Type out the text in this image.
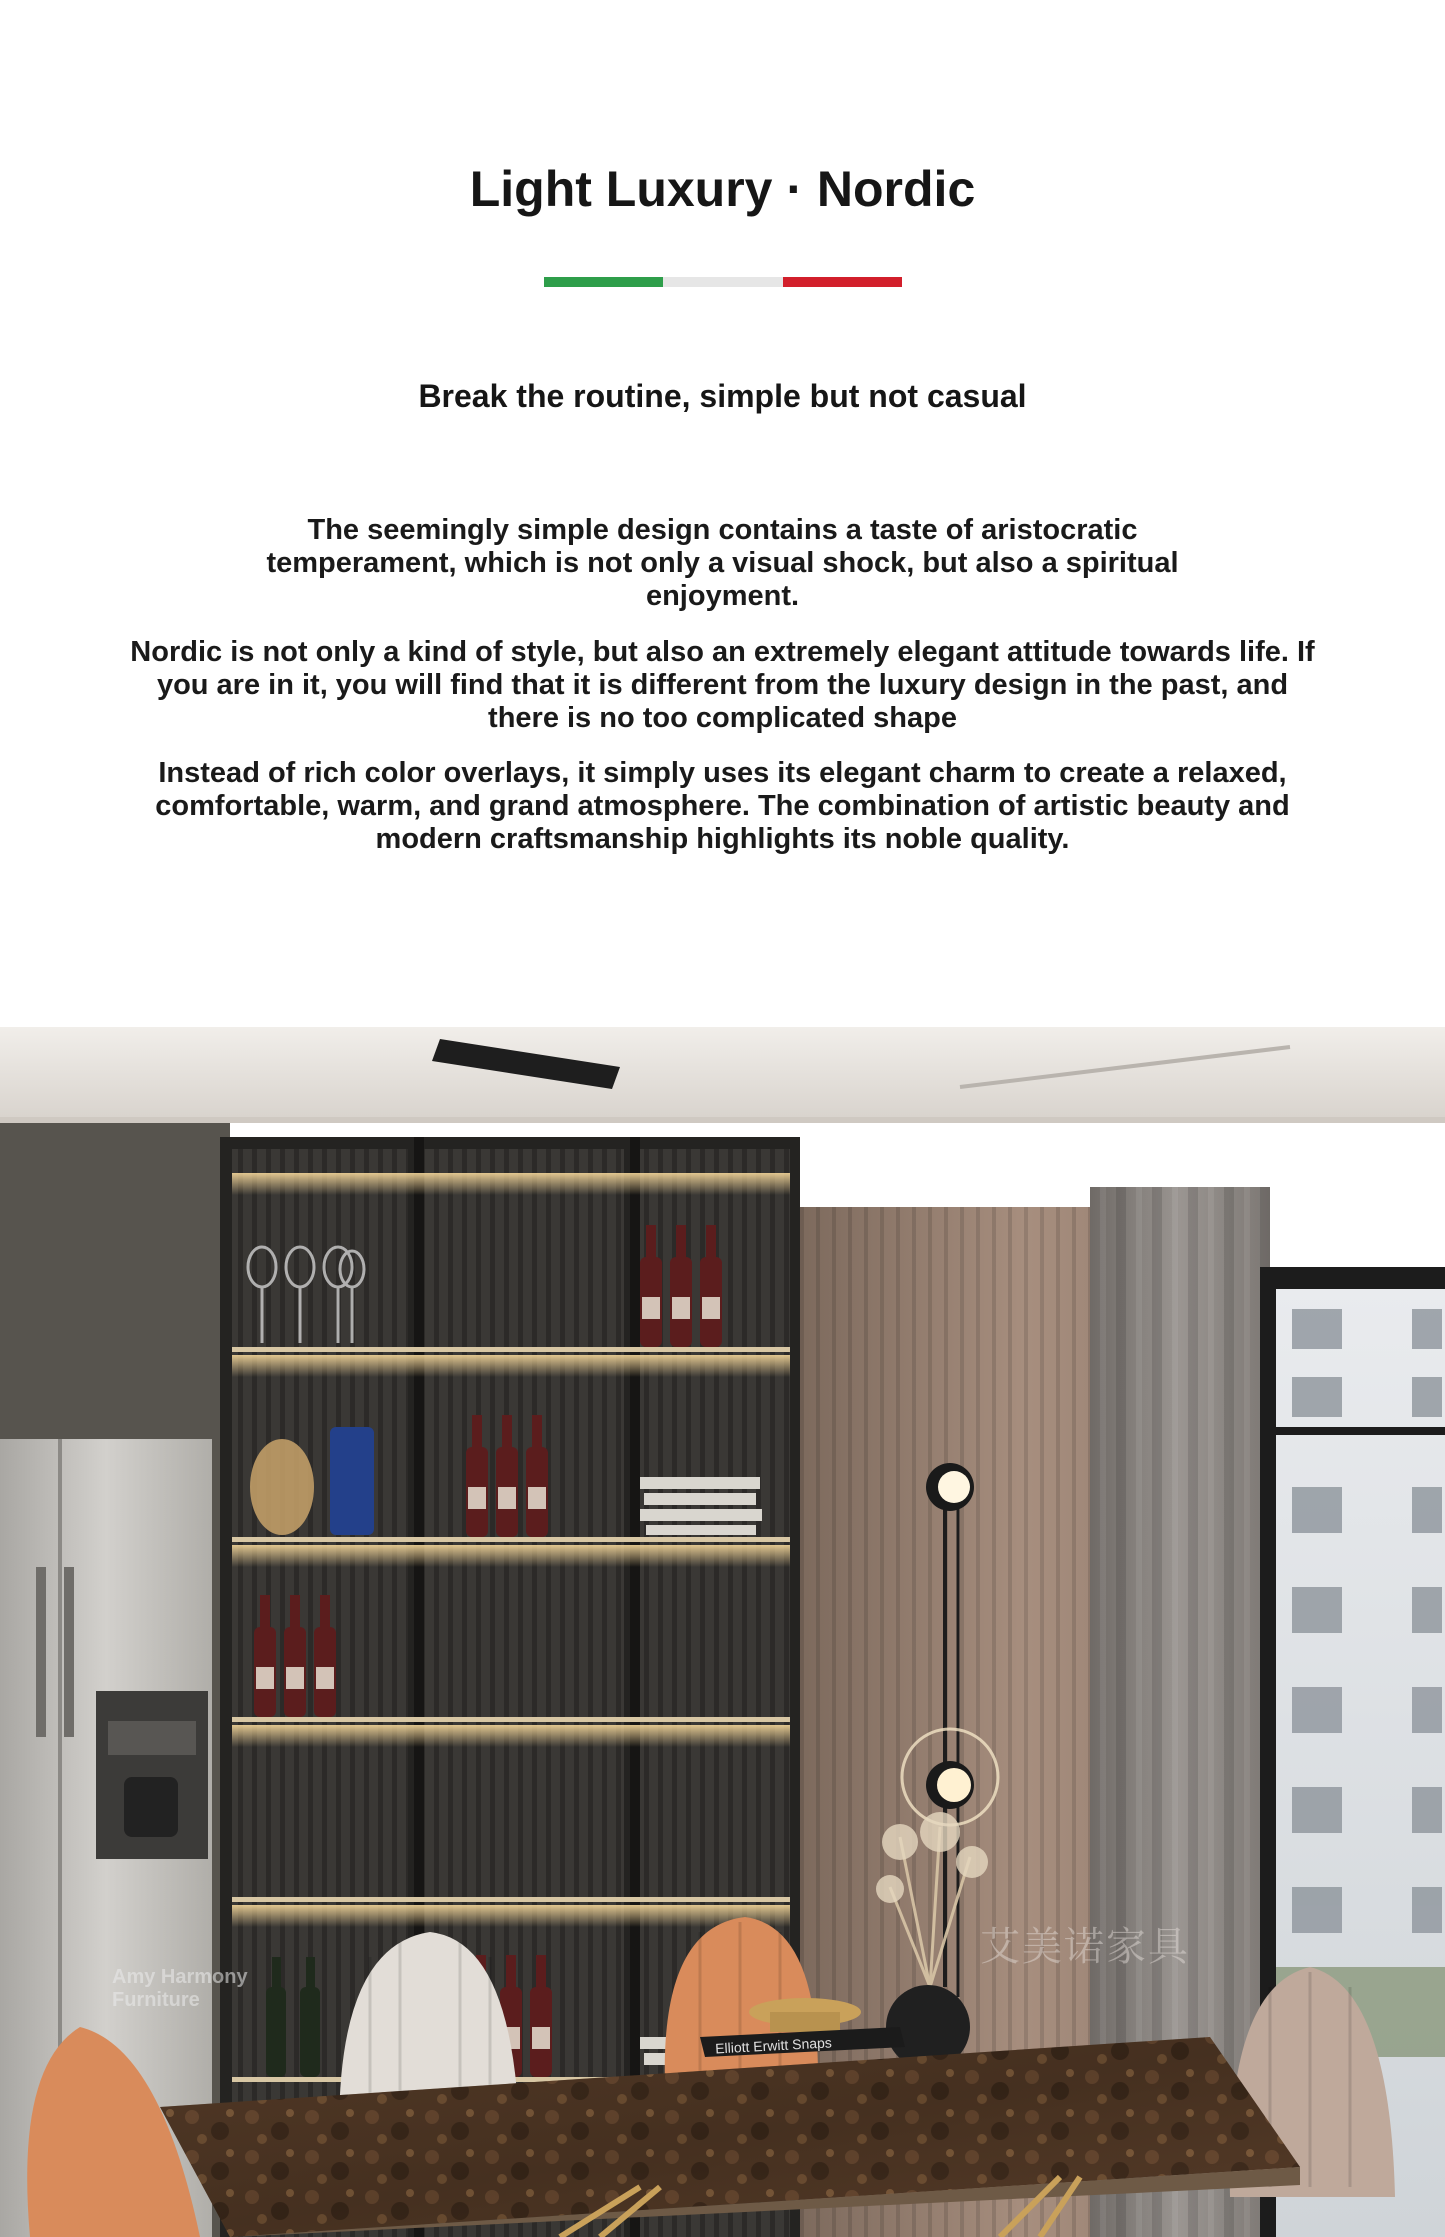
Light Luxury · Nordic
Break the routine, simple but not casual
The seemingly simple design contains a taste of aristocratic temperament, which is not only a visual shock, but also a spiritual enjoyment.
Nordic is not only a kind of style, but also an extremely elegant attitude towards life. If you are in it, you will find that it is different from the luxury design in the past, and there is no too complicated shape
Instead of rich color overlays, it simply uses its elegant charm to create a relaxed, comfortable, warm, and grand atmosphere. The combination of artistic beauty and modern craftsmanship highlights its noble quality.
Elliott Erwitt Snaps
Amy Harmony
Furniture
艾美诺家具
